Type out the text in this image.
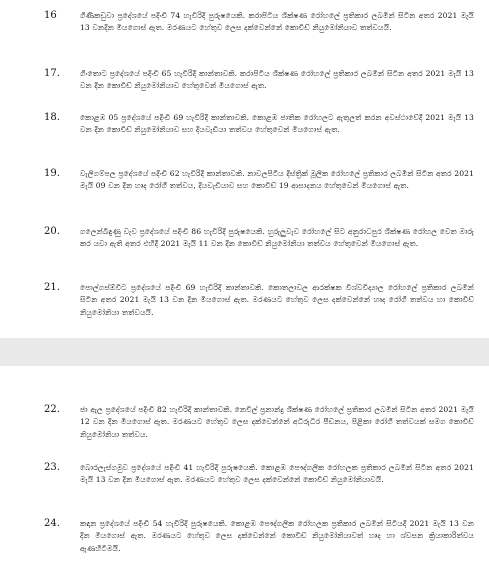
16	ගිණිකඩුවා ප්‍රදේශයේ පදිංචි 74 හැවිරිදි පුරුෂයෙකි. කරාපිටිය ශික්ෂණ රෝහලේ ප්‍රතිකාර ලබමින් සිටින අතර 2021 මැයි 13 වනදින මියගොස් ඇත. මරණයට හේතුව ලෙස දක්වෙන්නේ කොවිඩ් නියුමෝනියාව තත්වයයි.
17.	ගිංතොට ප්‍රදේශයේ පදිංචි 65 හැවිරිදි කාන්තාවකි. කරාපිටිය ශික්ෂණ රෝහලේ ප්‍රතිකාර ලබමින් සිටින අතර 2021 මැයි 13 වන දින කොවිඩ් නියුමෝනියාව හේතුවෙන් මියගොස් ඇත.
18.	කොළඹ 05 ප්‍රදේශයේ පදිංචි 69 හැවිරිදි කාන්තාවකි. කොළඹ ජාතික රෝහලට ඇතුලත් කරන අවස්ථාවේදී 2021 මැයි 13 වන දින කොවිඩ් නියුමෝනියාව සහ දියවැඩියා තත්වය හේතුවෙන් මියගොස් ඇත.
19.	වැලිගම්පල ප්‍රදේශයේ පදිංචි 62 හැවිරිදි කාන්තාවකි. නාවලපිටිය දිස්ත්‍රික් මූලික රෝහලේ ප්‍රතිකාර ලබමින් සිටින අතර 2021 මැයි 09 වන දින හෘද රෝගී තත්වය, දියවැඩියාව සහ කොවිඩ් 19 ආසාදනය හේතුවෙන් මියගොස් ඇත.
20.	ගලෙන්බිඳුණු වැව ප්‍රදේශයේ පදිංචි 86 හැවිරිදි පුරුෂයෙකි. හුරුලුවැව රෝහලේ සිට අනුරාධපුර ශික්ෂණ රෝහල වෙත මාරු කර යවා ඇති අතර එහිදී 2021 මැයි 11 වන දින කොවිඩ් නියුමෝනියා තත්වය හේතුවෙන් මියගොස් ඇත.
21.	පොල්ගස්ඕවිට ප්‍රදේශයේ පදිංචි 69 හැවිරිදි කාන්තාවකි. කොතලාවල ආරක්ෂක විශ්වවිද්‍යාල රෝහලේ ප්‍රතිකාර ලබමින් සිටින අතර 2021 මැයි 13 වන දින මියගොස් ඇත. මරණයට හේතුව ලෙස දක්වෙන්නේ හෘද රෝගී තත්වය හා කොවිඩ් නියුමෝනියා තත්වයයි.
22.	ජා ඇල ප්‍රදේශයේ පදිංචි 82 හැවිරිදි කාන්තාවකි. නෙවිල් ප්‍රනාන්දු ශික්ෂණ රෝහලේ ප්‍රතිකාර ලබමින් සිටින අතර 2021 මැයි 12 වන දින මියගොස් ඇත. මරණයට හේතුව ලෙස දක්වෙන්නේ අධිරුධිර පීඩනය, පිළිකා රෝගී තත්වයක් සමග කොවිඩ් නියුමෝනියා තත්වය.
23.	බොරලැස්ගමුව ප්‍රදේශයේ පදිංචි 41 හැවිරිදි පුරුෂයෙකි. කොළඹ පෞද්ගලික රෝහලක ප්‍රතිකාර ලබමින් සිටින අතර 2021 මැයි 13 වන දින මියගොස් ඇත. මරණයට හේතුව ලෙස දක්වෙන්නේ කොවිඩ් නියුමෝනියාවයි.
24.	කඳාන ප්‍රදේශයේ පදිංචි 54 හැවිරිදි පුරුෂයෙකි. කොළඹ පෞද්ගලික රෝහලක ප්‍රතිකාර ලබමින් සිටියදී 2021 මැයි 13 වන දින මියගොස් ඇත. මරණයට හේතුව ලෙස දක්වෙන්නේ කොවිඩ් නියුමෝනියාවත් හෘද හා ශ්වසන ක්‍රියාකාරිත්වය ඇණහිටීමයි.
